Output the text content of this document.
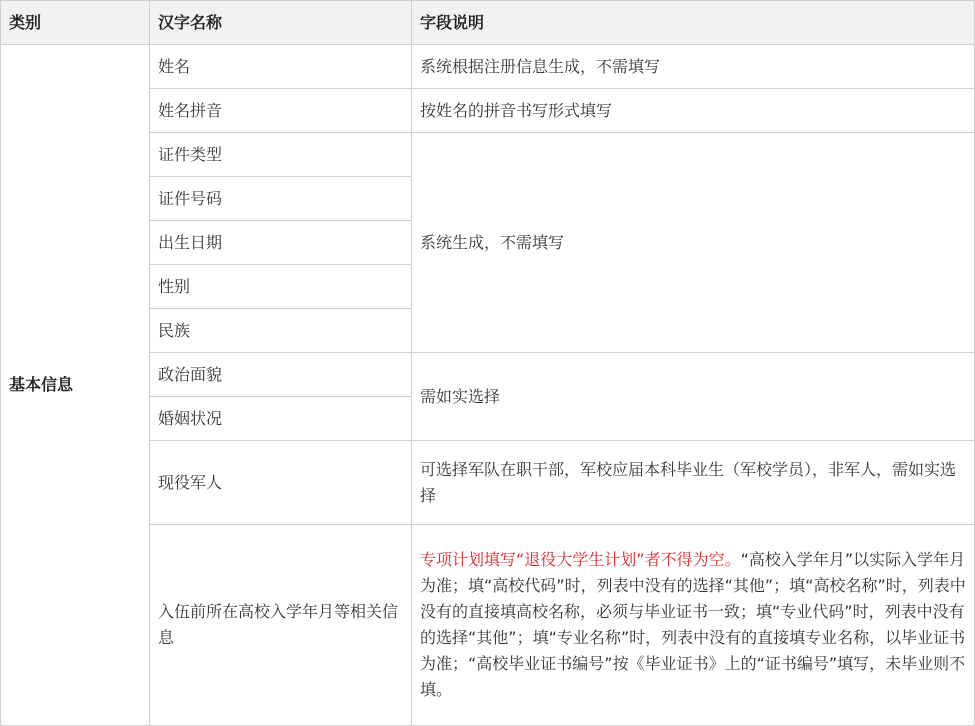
类别	汉字名称	字段说明
基本信息	姓名	系统根据注册信息生成，不需填写
	姓名拼音	按姓名的拼音书写形式填写
	证件类型	系统生成，不需填写
	证件号码	
	出生日期	
	性别	
	民族	
	政治面貌	需如实选择
	婚姻状况	
	现役军人	可选择军队在职干部，军校应届本科毕业生（军校学员），非军人，需如实选择
	入伍前所在高校入学年月等相关信息	专项计划填写“退役大学生计划”者不得为空。“高校入学年月”以实际入学年月为准；填“高校代码”时，列表中没有的选择“其他”；填“高校名称”时，列表中没有的直接填高校名称，必须与毕业证书一致；填“专业代码”时，列表中没有的选择“其他”；填“专业名称”时，列表中没有的直接填专业名称，以毕业证书为准；“高校毕业证书编号”按《毕业证书》上的“证书编号”填写，未毕业则不填。
